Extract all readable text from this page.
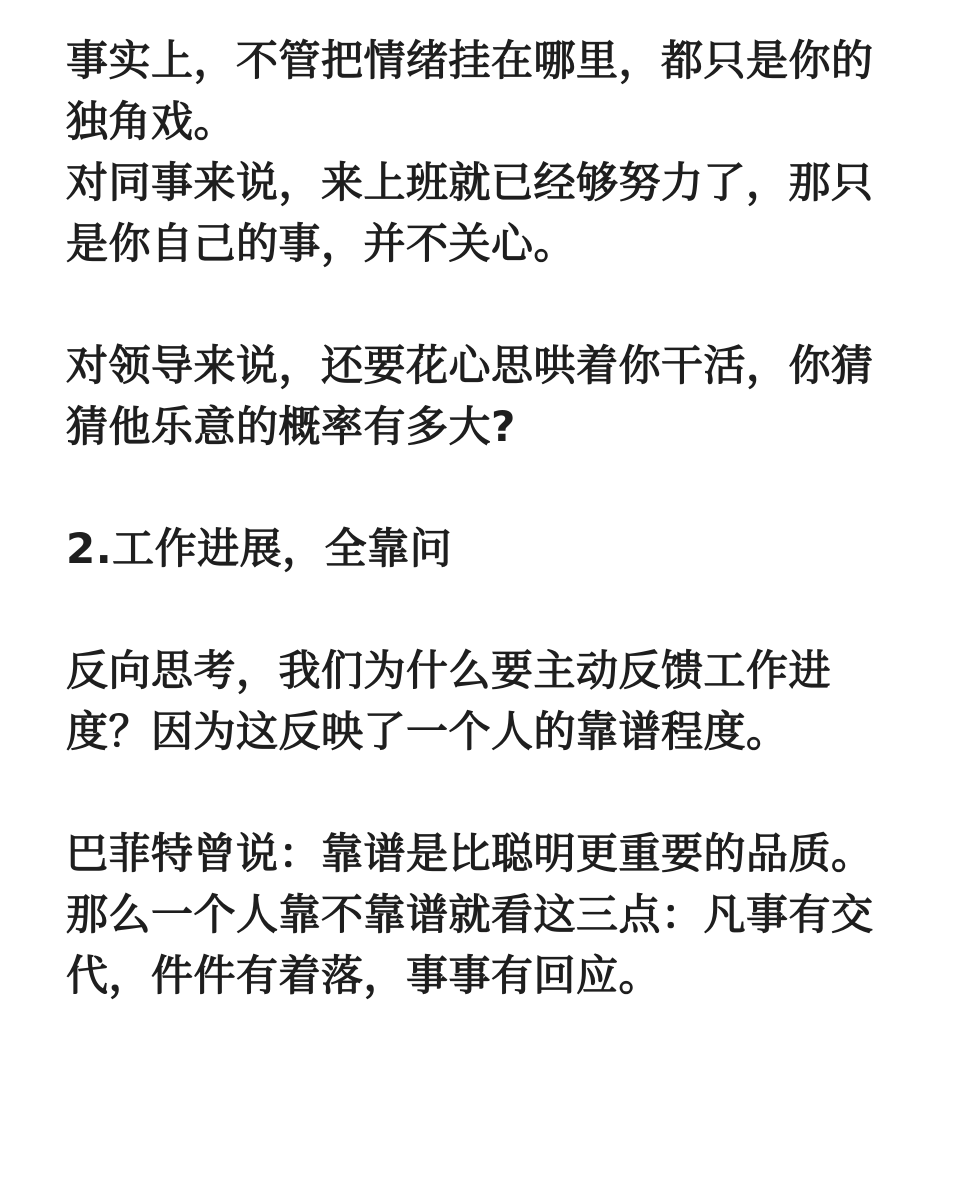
事实上，不管把情绪挂在哪里，都只是你的
独角戏。
对同事来说，来上班就已经够努力了，那只
是你自己的事，并不关心。
对领导来说，还要花心思哄着你干活，你猜
猜他乐意的概率有多大?
2.工作进展，全靠问
反向思考，我们为什么要主动反馈工作进
度？因为这反映了一个人的靠谱程度。
巴菲特曾说：靠谱是比聪明更重要的品质。
那么一个人靠不靠谱就看这三点：凡事有交
代，件件有着落，事事有回应。
